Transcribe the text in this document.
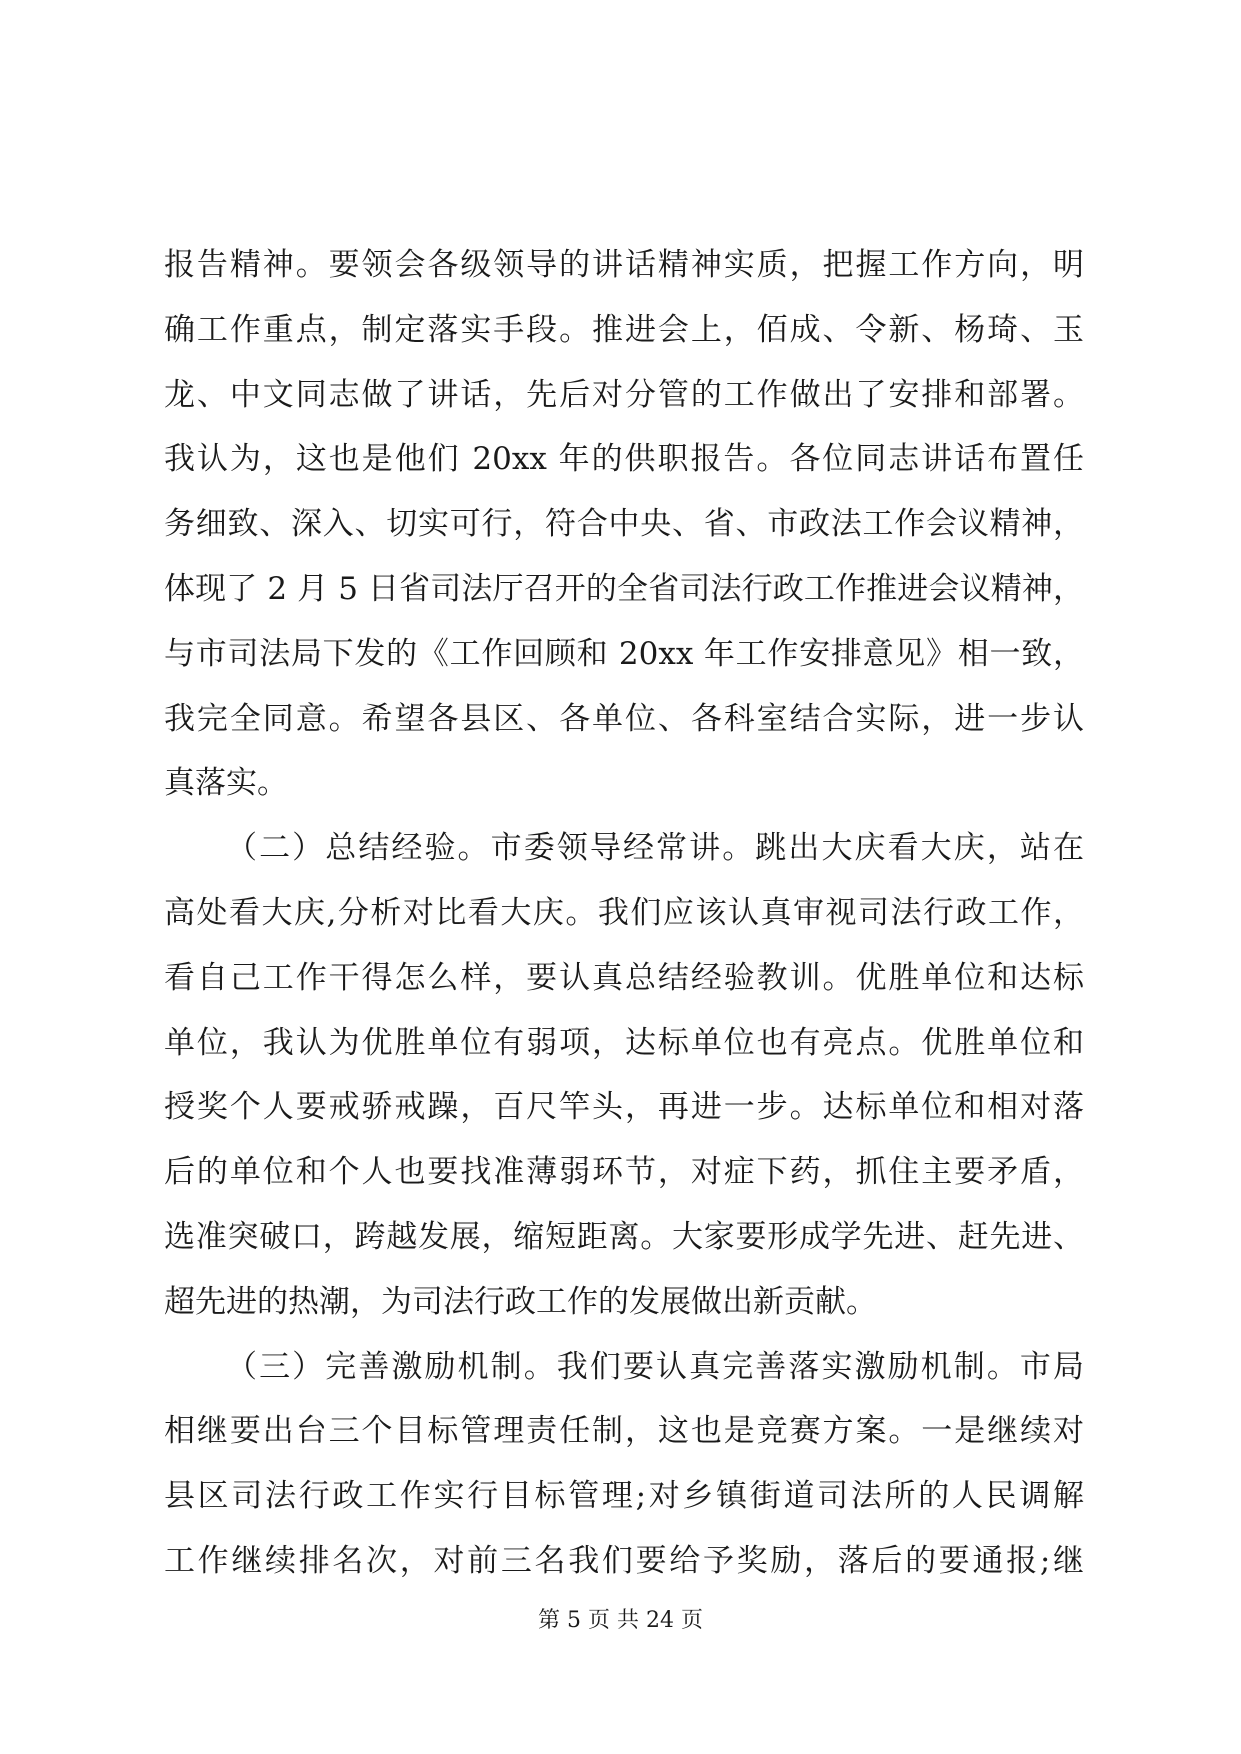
报告精神。要领会各级领导的讲话精神实质，把握工作方向，明
确工作重点，制定落实手段。推进会上，佰成、令新、杨琦、玉
龙、中文同志做了讲话，先后对分管的工作做出了安排和部署。
我认为，这也是他们 20xx 年的供职报告。各位同志讲话布置任
务细致、深入、切实可行，符合中央、省、市政法工作会议精神，
体现了 2 月 5 日省司法厅召开的全省司法行政工作推进会议精神，
与市司法局下发的《工作回顾和 20xx 年工作安排意见》相一致，
我完全同意。希望各县区、各单位、各科室结合实际，进一步认
真落实。
（二）总结经验。市委领导经常讲。跳出大庆看大庆，站在
高处看大庆,分析对比看大庆。我们应该认真审视司法行政工作，
看自己工作干得怎么样，要认真总结经验教训。优胜单位和达标
单位，我认为优胜单位有弱项，达标单位也有亮点。优胜单位和
授奖个人要戒骄戒躁，百尺竿头，再进一步。达标单位和相对落
后的单位和个人也要找准薄弱环节，对症下药，抓住主要矛盾，
选准突破口，跨越发展，缩短距离。大家要形成学先进、赶先进、
超先进的热潮，为司法行政工作的发展做出新贡献。
（三）完善激励机制。我们要认真完善落实激励机制。市局
相继要出台三个目标管理责任制，这也是竞赛方案。一是继续对
县区司法行政工作实行目标管理;对乡镇街道司法所的人民调解
工作继续排名次，对前三名我们要给予奖励，落后的要通报;继
第 5 页 共 24 页
